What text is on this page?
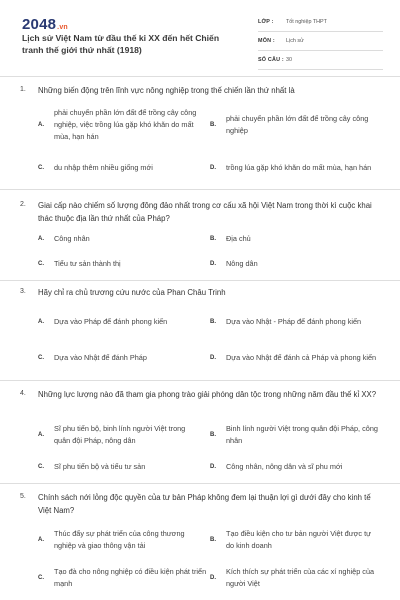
2048.vn
Lịch sử Việt Nam từ đầu thế kỉ XX đến hết Chiến tranh thế giới thứ nhất (1918)
LỚP :	Tốt nghiệp THPT
MÔN :	Lịch sử
SỐ CÂU : 30
1. Những biến động trên lĩnh vực nông nghiệp trong thế chiến lần thứ nhất là
A.
phải chuyển phần lớn đất để trồng cây công nghiệp, việc trồng lúa gặp khó khăn do mất mùa, hạn hán
B.
phải chuyển phần lớn đất để trồng cây công nghiệp
C.	du nhập thêm nhiều giống mới	D.	trồng lúa gặp khó khăn do mất mùa, hạn hán
2. Giai cấp nào chiếm số lượng đông đảo nhất trong cơ cấu xã hội Việt Nam trong thời kì cuộc khai thác thuộc địa lần thứ nhất của Pháp?
A.	Công nhân	B.	Địa chủ
C.	Tiểu tư sản thành thị	D.	Nông dân
3. Hãy chỉ ra chủ trương cứu nước của Phan Châu Trinh
A.	Dựa vào Pháp để đánh phong kiến	B.	Dựa vào Nhật - Pháp để đánh phong kiến
C.	Dựa vào Nhật để đánh Pháp	D.	Dựa vào Nhật để đánh cả Pháp và phong kiến
4. Những lực lượng nào đã tham gia phong trào giải phóng dân tộc trong những năm đầu thế kỉ XX?
A.
Sĩ phu tiến bộ, binh lính người Việt trong quân đội Pháp, nông dân
B.
Binh lính người Việt trong quân đội Pháp, công nhân
C.	Sĩ phu tiến bộ và tiểu tư sản	D.	Công nhân, nông dân và sĩ phu mới
5. Chính sách nới lỏng độc quyền của tư bản Pháp không đem lại thuận lợi gì dưới đây cho kinh tế Việt Nam?
A.
Thúc đẩy sự phát triển của công thương nghiệp và giao thông vận tải
B.
Tạo điều kiện cho tư bản người Việt được tự do kinh doanh
C.
Tạo đà cho nông nghiệp có điều kiện phát triển mạnh
D.
Kích thích sự phát triển của các xí nghiệp của người Việt
